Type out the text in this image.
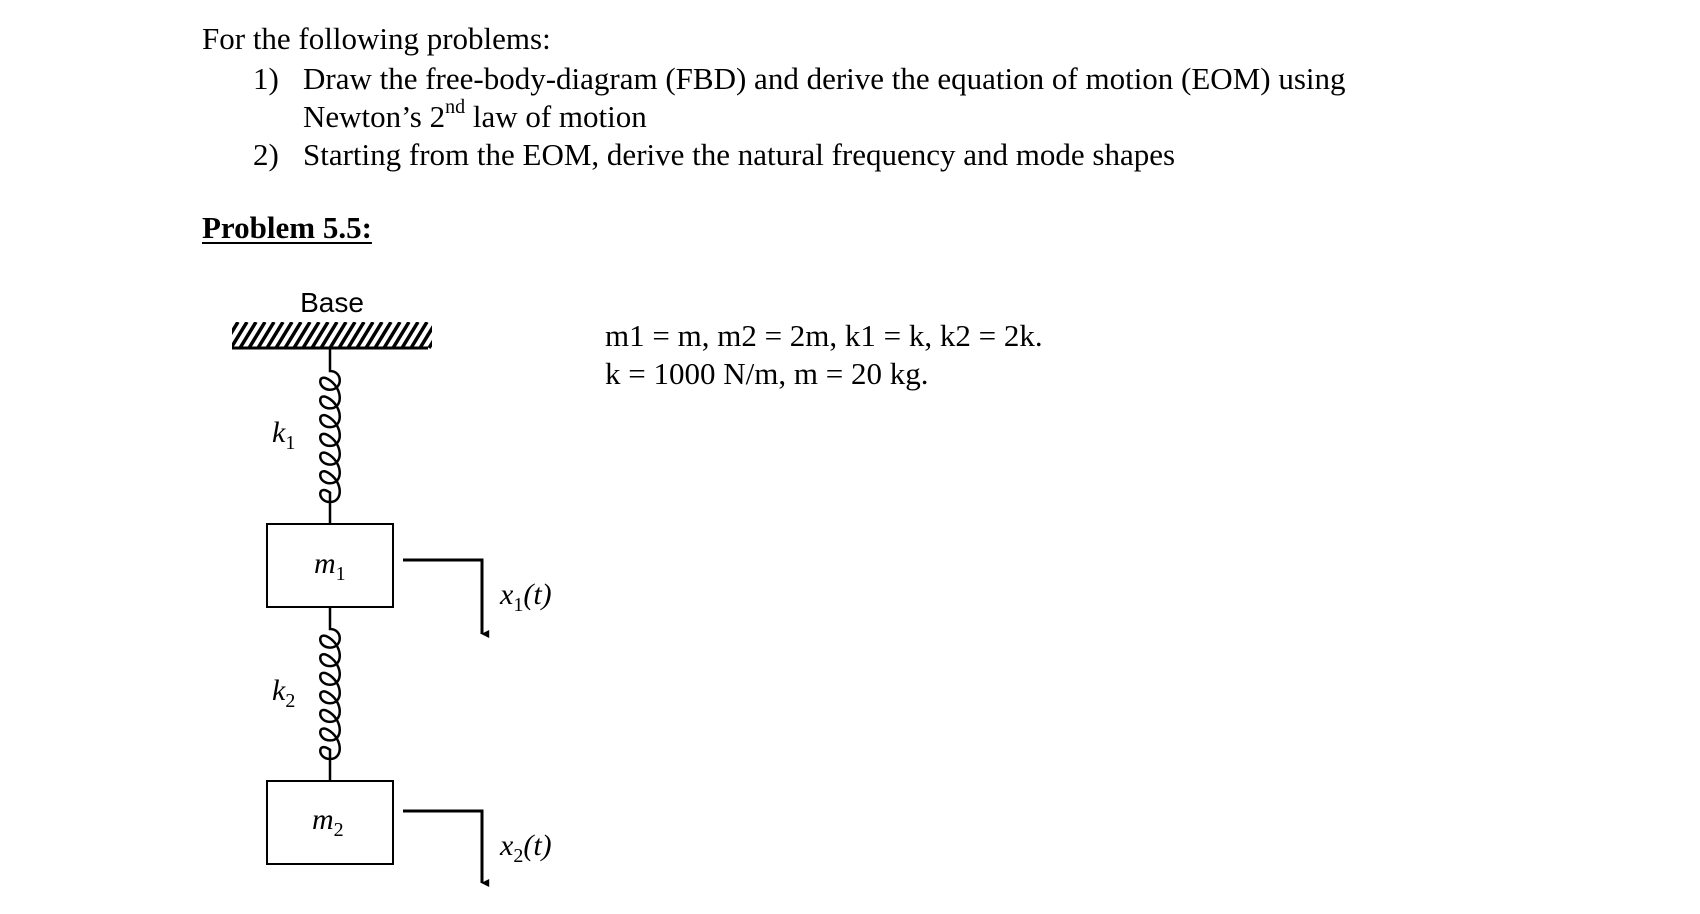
For the following problems:
1) Draw the free-body-diagram (FBD) and derive the equation of motion (EOM) using
Newton’s 2nd law of motion
2) Starting from the EOM, derive the natural frequency and mode shapes
Problem 5.5:
Base
$k_1$
$m_1$
$k_2$
$m_2$
$x_1(t)$
$x_2(t)$
m1 = m, m2 = 2m, k1 = k, k2 = 2k.
k = 1000 N/m, m = 20 kg.
